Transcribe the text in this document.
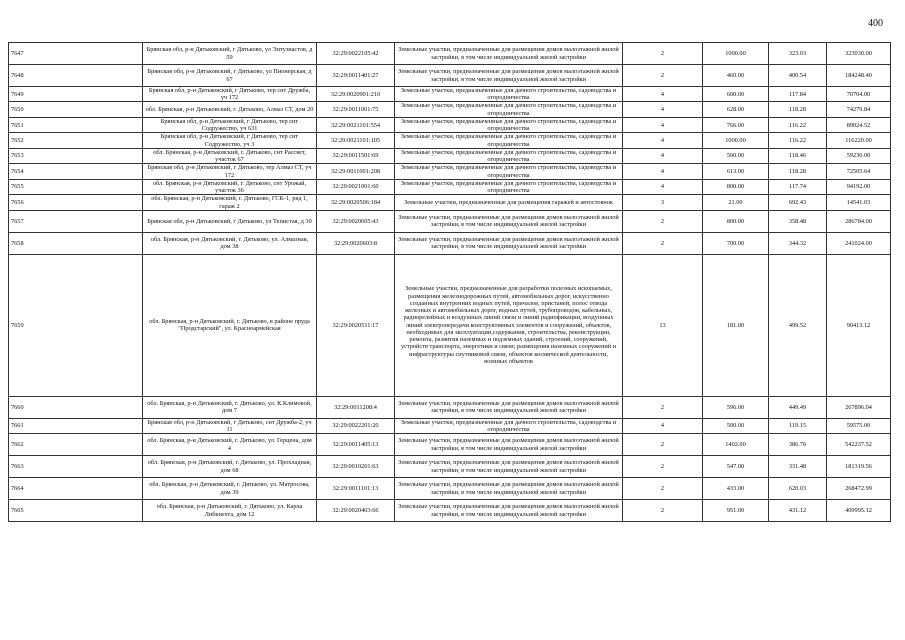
400
7647	Брянская обл, р-н Дятьковский, г Дятьково, ул Энтузиастов, д 59	32:29:0022105:42	Земельные участки, предназначенные для размещения домов малоэтажной жилой застройки, в том числе индивидуальной жилой застройки	2	1000.00	323.03	323030.00
7648	Брянская обл, р-н Дятьковский, г Дятьково, ул Пионерская, д 67	32:29:0011401:27	Земельные участки, предназначенные для размещения домов малоэтажной жилой застройки, в том числе индивидуальной жилой застройки	2	460.00	400.54	184248.40
7649	Брянская обл, р-н Дятьковский, г Дятьково, тер снт Дружба, уч 172	32:29:0020901:210	Земельные участки, предназначенные для дачного строительства, садоводства и огородничества	4	600.00	117.84	70704.00
7650	обл. Брянская, р-н Дятьковский, г. Дятьково, Алмаз СТ, дом 20	32:29:0011001:75	Земельные участки, предназначенные для дачного строительства, садоводства и огородничества	4	628.00	118.28	74279.84
7651	Брянская обл, р-н Дятьковский, г Дятьково, тер снт Содружество, уч 631	32:29:0021101:554	Земельные участки, предназначенные для дачного строительства, садоводства и огородничества	4	766.00	116.22	89024.52
7652	Брянская обл, р-н Дятьковский, г Дятьково, тер снт Содружество, уч 3	32:29:0021101:105	Земельные участки, предназначенные для дачного строительства, садоводства и огородничества	4	1000.00	116.22	116220.00
7653	обл. Брянская, р-н Дятьковский, г. Дятьково, снт Рассвет, участок 67	32:29:0011501:69	Земельные участки, предназначенные для дачного строительства, садоводства и огородничества	4	500.00	118.46	59230.00
7654	Брянская обл, р-н Дятьковский, г Дятьково, тер Алмаз СТ, уч 172	32:29:0011001:208	Земельные участки, предназначенные для дачного строительства, садоводства и огородничества	4	613.00	118.28	72505.64
7655	обл. Брянская, р-н Дятьковский, г. Дятьково, снт Урожай, участок 36	32:29:0021001:60	Земельные участки, предназначенные для дачного строительства, садоводства и огородничества	4	800.00	117.74	94192.00
7656	обл. Брянская, р-н Дятьковский, г. Дятьково, ГСК-1, ряд 1, гараж 2	32:29:0020506:184	Земельные участки, предназначенные для размещения гаражей и автостоянок	3	21.00	692.43	14541.03
7657	Брянская обл, р-н Дятьковский, г Дятьково, ул Тепистая, д 30	32:29:0020605:43	Земельные участки, предназначенные для размещения домов малоэтажной жилой застройки, в том числе индивидуальной жилой застройки	2	800.00	358.48	286784.00
7658	обл. Брянская, р-н Дятьковский, г. Дятьково, ул. Алмазная, дом 38	32:29:0020603:8	Земельные участки, предназначенные для размещения домов малоэтажной жилой застройки, в том числе индивидуальной жилой застройки	2	700.00	344.32	241024.00
7659	обл. Брянская, р-н Дятьковский, г. Дятьково, в районе пруда "Продстарский", ул. Красноармейская	32:29:0020511:17	Земельные участки, предназначенные для разработки полезных ископаемых, размещения железнодорожных путей, автомобильных дорог, искусственно созданных внутренних водных путей, причалов, пристаней, полос отвода железных и автомобильных дорог, водных путей, трубопроводов, кабельных, радиорелейных и воздушных линий связи и линий радиофикации, воздушных линий электропередачи конструктивных элементов и сооружений, объектов, необходимых для эксплуатации,содержания, строительства, реконструкции, ремонта, развития наземных и подземных зданий, строений, сооружений, устройств транспорта, энергетики и связи; размещения наземных сооружений и инфраструктуры спутниковой связи, объектов космической деятельности, военных объектов	13	181.00	499.52	90413.12
7660	обл. Брянская, р-н Дятьковский, г. Дятьково, ул. К.Климовой, дом 7	32:29:0011208:4	Земельные участки, предназначенные для размещения домов малоэтажной жилой застройки, в том числе индивидуальной жилой застройки	2	596.00	449.49	267896.04
7661	Брянская обл, р-н Дятьковский, г Дятьково, снт Дружба-2, уч 11	32:29:0022201:20	Земельные участки, предназначенные для дачного строительства, садоводства и огородничества	4	500.00	119.15	59575.00
7662	обл. Брянская, р-н Дятьковский, г. Дятьково, ул. Герцена, дом 4	32:29:0011405:13	Земельные участки, предназначенные для размещения домов малоэтажной жилой застройки, в том числе индивидуальной жилой застройки	2	1402.00	386.76	542237.52
7663	обл. Брянская, р-н Дятьковский, г. Дятьково, ул. Прохладная, дом 68	32:29:0010201:63	Земельные участки, предназначенные для размещения домов малоэтажной жилой застройки, в том числе индивидуальной жилой застройки	2	547.00	331.48	181319.56
7664	обл. Брянская, р-н Дятьковский, г. Дятьково, ул. Матросова, дом 39	32:29:0011101:13	Земельные участки, предназначенные для размещения домов малоэтажной жилой застройки, в том числе индивидуальной жилой застройки	2	433.00	620.03	268472.99
7665	обл. Брянская, р-н Дятьковский, г. Дятьково, ул. Карла Либкнехта, дом 12	32:29:0020403:66	Земельные участки, предназначенные для размещения домов малоэтажной жилой застройки, в том числе индивидуальной жилой застройки	2	951.00	431.12	409995.12
